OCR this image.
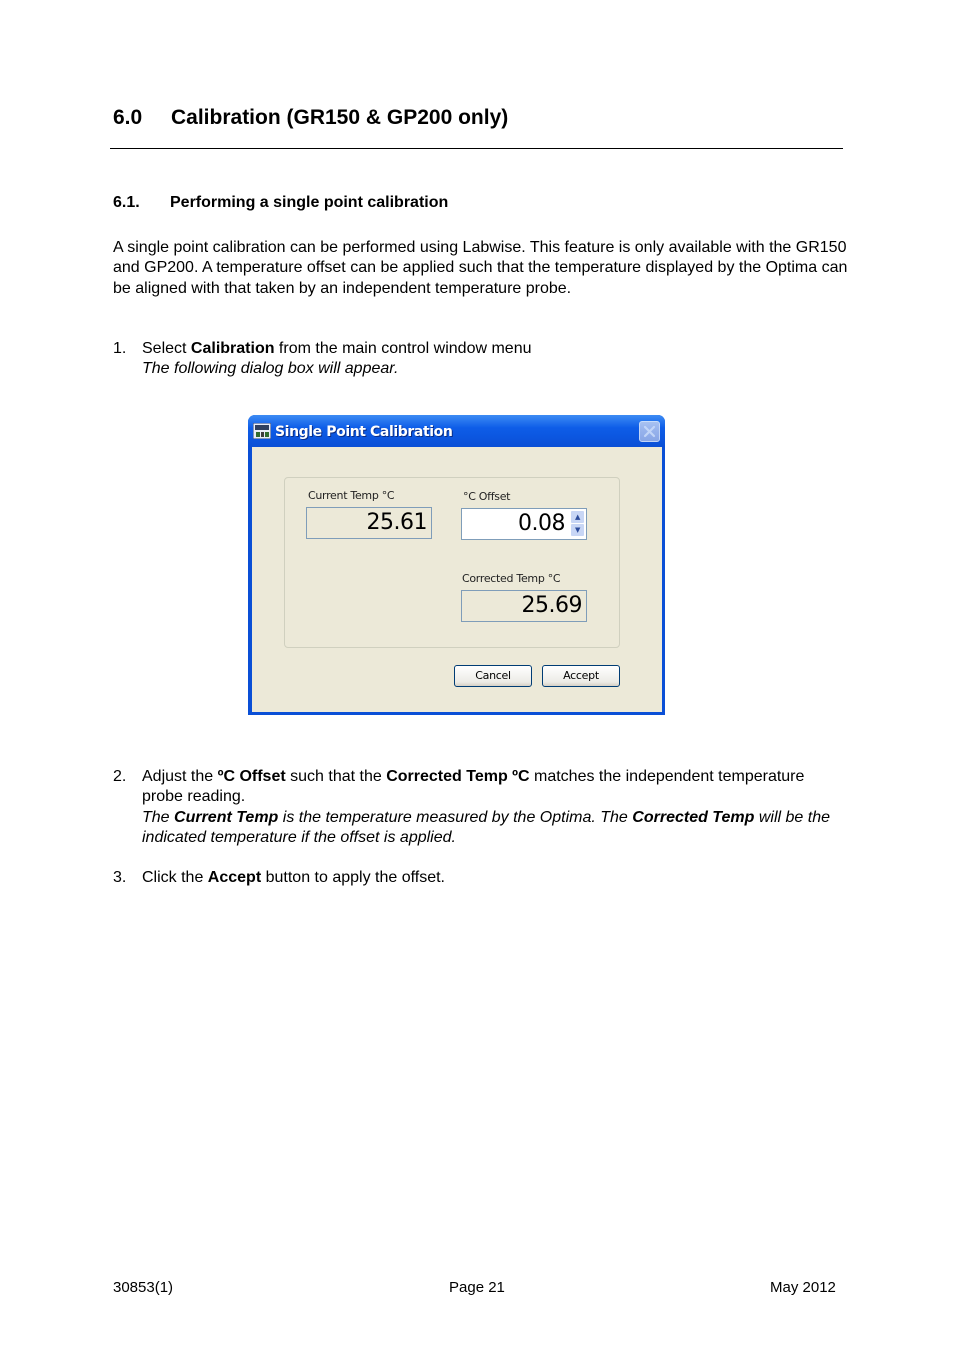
6.0 Calibration (GR150 & GP200 only)
6.1. Performing a single point calibration
A single point calibration can be performed using Labwise. This feature is only available with the GR150 and GP200. A temperature offset can be applied such that the temperature displayed by the Optima can be aligned with that taken by an independent temperature probe.
1. Select Calibration from the main control window menu
The following dialog box will appear.
Single Point Calibration
Current Temp °C
25.61
°C Offset
0.08	▲
▼
Corrected Temp °C
25.69
Cancel	Accept
2. Adjust the ºC Offset such that the Corrected Temp ºC matches the independent temperature probe reading.
The Current Temp is the temperature measured by the Optima. The Corrected Temp will be the indicated temperature if the offset is applied.
3. Click the Accept button to apply the offset.
30853(1)	Page 21	May 2012
